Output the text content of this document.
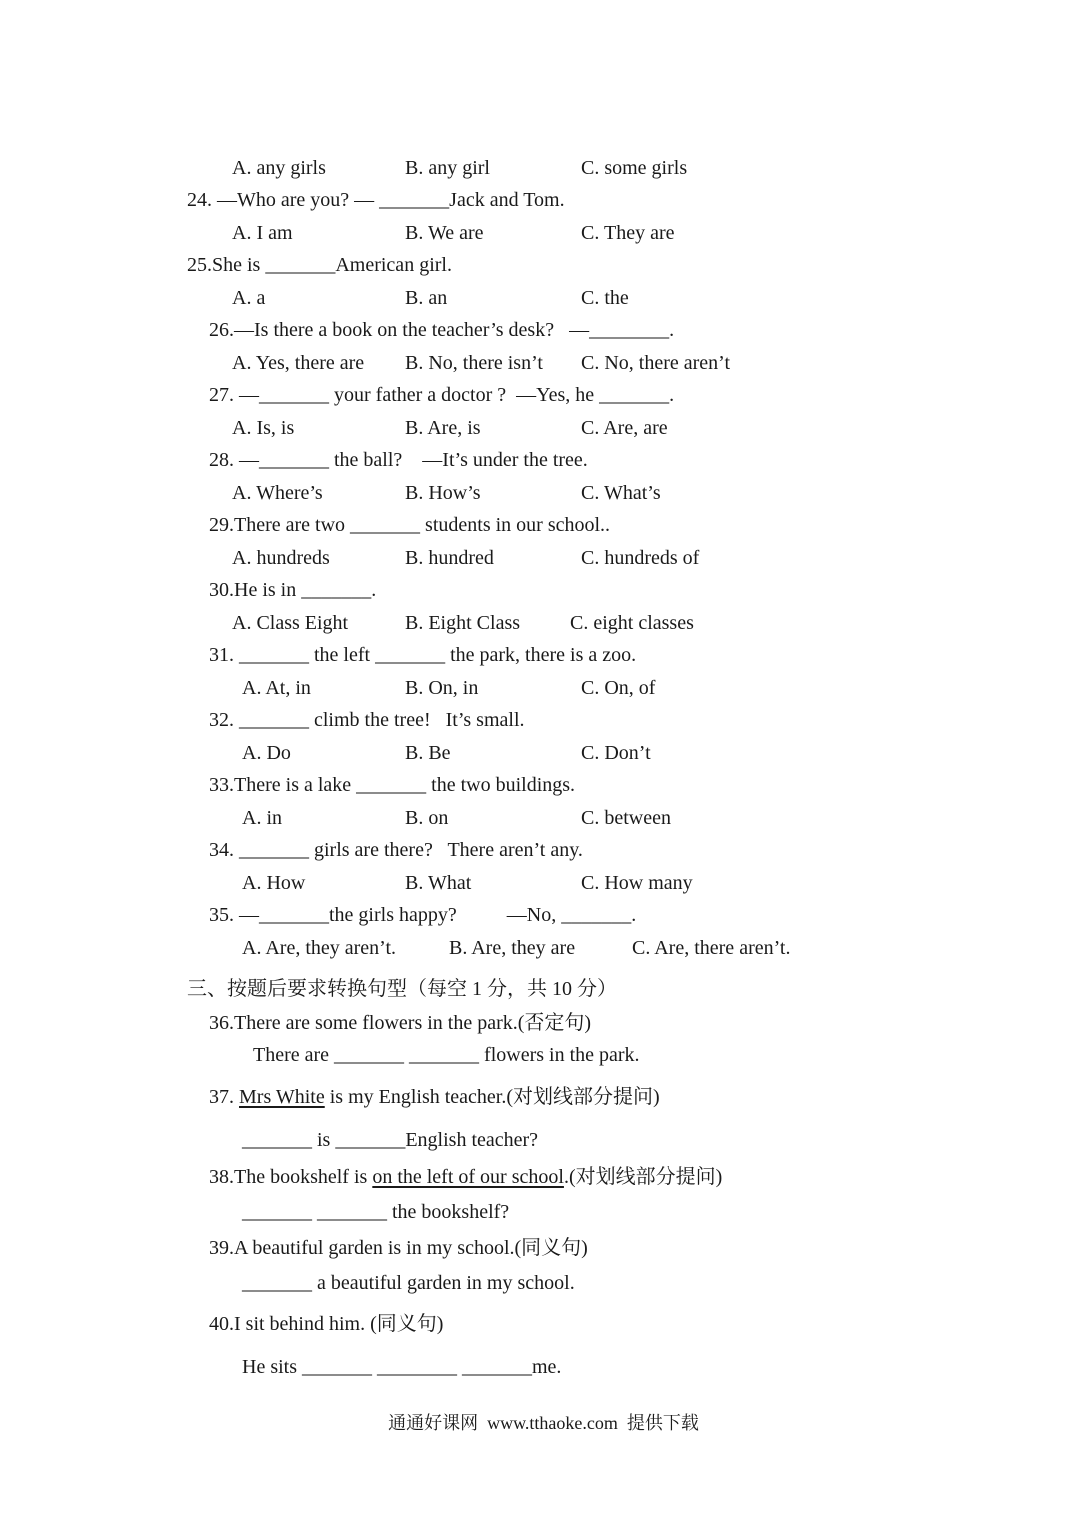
A. any girls	B. any girl	C. some girls
24. —Who are you? — _______Jack and Tom.
A. I am	B. We are	C. They are
25.She is _______American girl.
A. a	B. an	C. the
26.—Is there a book on the teacher’s desk?   —________.
A. Yes, there are B. No, there isn’t C. No, there aren’t
27. —_______ your father a doctor ?  —Yes, he _______.
A. Is, is	B. Are, is	C. Are, are
28. —_______ the ball?    —It’s under the tree.
A. Where’s	B. How’s	C. What’s
29.There are two _______ students in our school..
A. hundreds	B. hundred	C. hundreds of
30.He is in _______.
A. Class Eight	B. Eight Class C. eight classes
31. _______ the left _______ the park, there is a zoo.
A. At, in	B. On, in	C. On, of
32. _______ climb the tree!   It’s small.
A. Do	B. Be	C. Don’t
33.There is a lake _______ the two buildings.
A. in	B. on	C. between
34. _______ girls are there?   There aren’t any.
A. How	B. What	C. How many
35. —_______the girls happy?          —No, _______.
A. Are, they aren’t.	B. Are, they are	C. Are, there aren’t.
三、按题后要求转换句型（每空 1 分，共 10 分）
36.There are some flowers in the park.(否定句)
There are _______ _______ flowers in the park.
37. Mrs White is my English teacher.(对划线部分提问)
_______ is _______English teacher?
38.The bookshelf is on the left of our school.(对划线部分提问)
_______ _______ the bookshelf?
39.A beautiful garden is in my school.(同义句)
_______ a beautiful garden in my school.
40.I sit behind him. (同义句)
He sits _______ ________ _______me.
通通好课网  www.tthaoke.com  提供下载
